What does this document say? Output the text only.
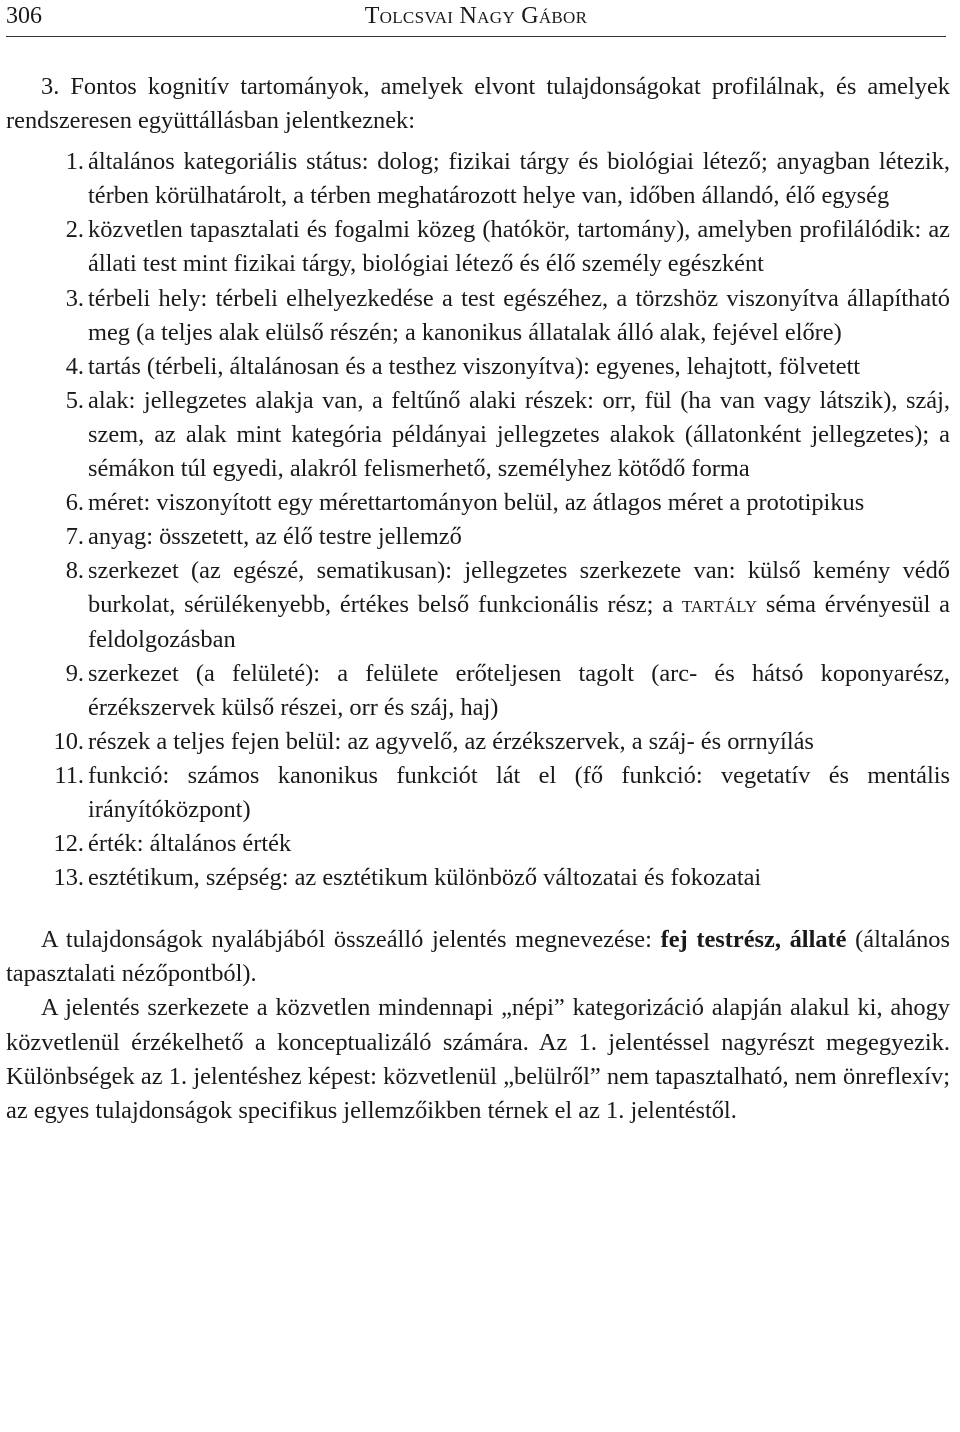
306	Tolcsvai Nagy Gábor

3. Fontos kognitív tartományok, amelyek elvont tulajdonságokat profilálnak, és amelyek rendszeresen együttállásban jelentkeznek:

1. általános kategoriális státus: dolog; fizikai tárgy és biológiai létező; anyagban létezik, térben körülhatárolt, a térben meghatározott helye van, időben állandó, élő egység
2. közvetlen tapasztalati és fogalmi közeg (hatókör, tartomány), amelyben profilálódik: az állati test mint fizikai tárgy, biológiai létező és élő személy egészként
3. térbeli hely: térbeli elhelyezkedése a test egészéhez, a törzshöz viszonyítva állapítható meg (a teljes alak elülső részén; a kanonikus állatalak álló alak, fejével előre)
4. tartás (térbeli, általánosan és a testhez viszonyítva): egyenes, lehajtott, fölvetett
5. alak: jellegzetes alakja van, a feltűnő alaki részek: orr, fül (ha van vagy látszik), száj, szem, az alak mint kategória példányai jellegzetes alakok (állatonként jellegzetes); a sémákon túl egyedi, alakról felismerhető, személyhez kötődő forma
6. méret: viszonyított egy mérettartományon belül, az átlagos méret a prototipikus
7. anyag: összetett, az élő testre jellemző
8. szerkezet (az egészé, sematikusan): jellegzetes szerkezete van: külső kemény védő burkolat, sérülékenyebb, értékes belső funkcionális rész; a tartály séma érvényesül a feldolgozásban
9. szerkezet (a felületé): a felülete erőteljesen tagolt (arc- és hátsó koponyarész, érzékszervek külső részei, orr és száj, haj)
10. részek a teljes fejen belül: az agyvelő, az érzékszervek, a száj- és orrnyílás
11. funkció: számos kanonikus funkciót lát el (fő funkció: vegetatív és mentális irányítóközpont)
12. érték: általános érték
13. esztétikum, szépség: az esztétikum különböző változatai és fokozatai

A tulajdonságok nyalábjából összeálló jelentés megnevezése: fej testrész, állaté (általános tapasztalati nézőpontból).

A jelentés szerkezete a közvetlen mindennapi „népi” kategorizáció alapján alakul ki, ahogy közvetlenül érzékelhető a konceptualizáló számára. Az 1. jelentéssel nagyrészt megegyezik. Különbségek az 1. jelentéshez képest: közvetlenül „belülről” nem tapasztalható, nem önreflexív; az egyes tulajdonságok specifikus jellemzőikben térnek el az 1. jelentéstől.
